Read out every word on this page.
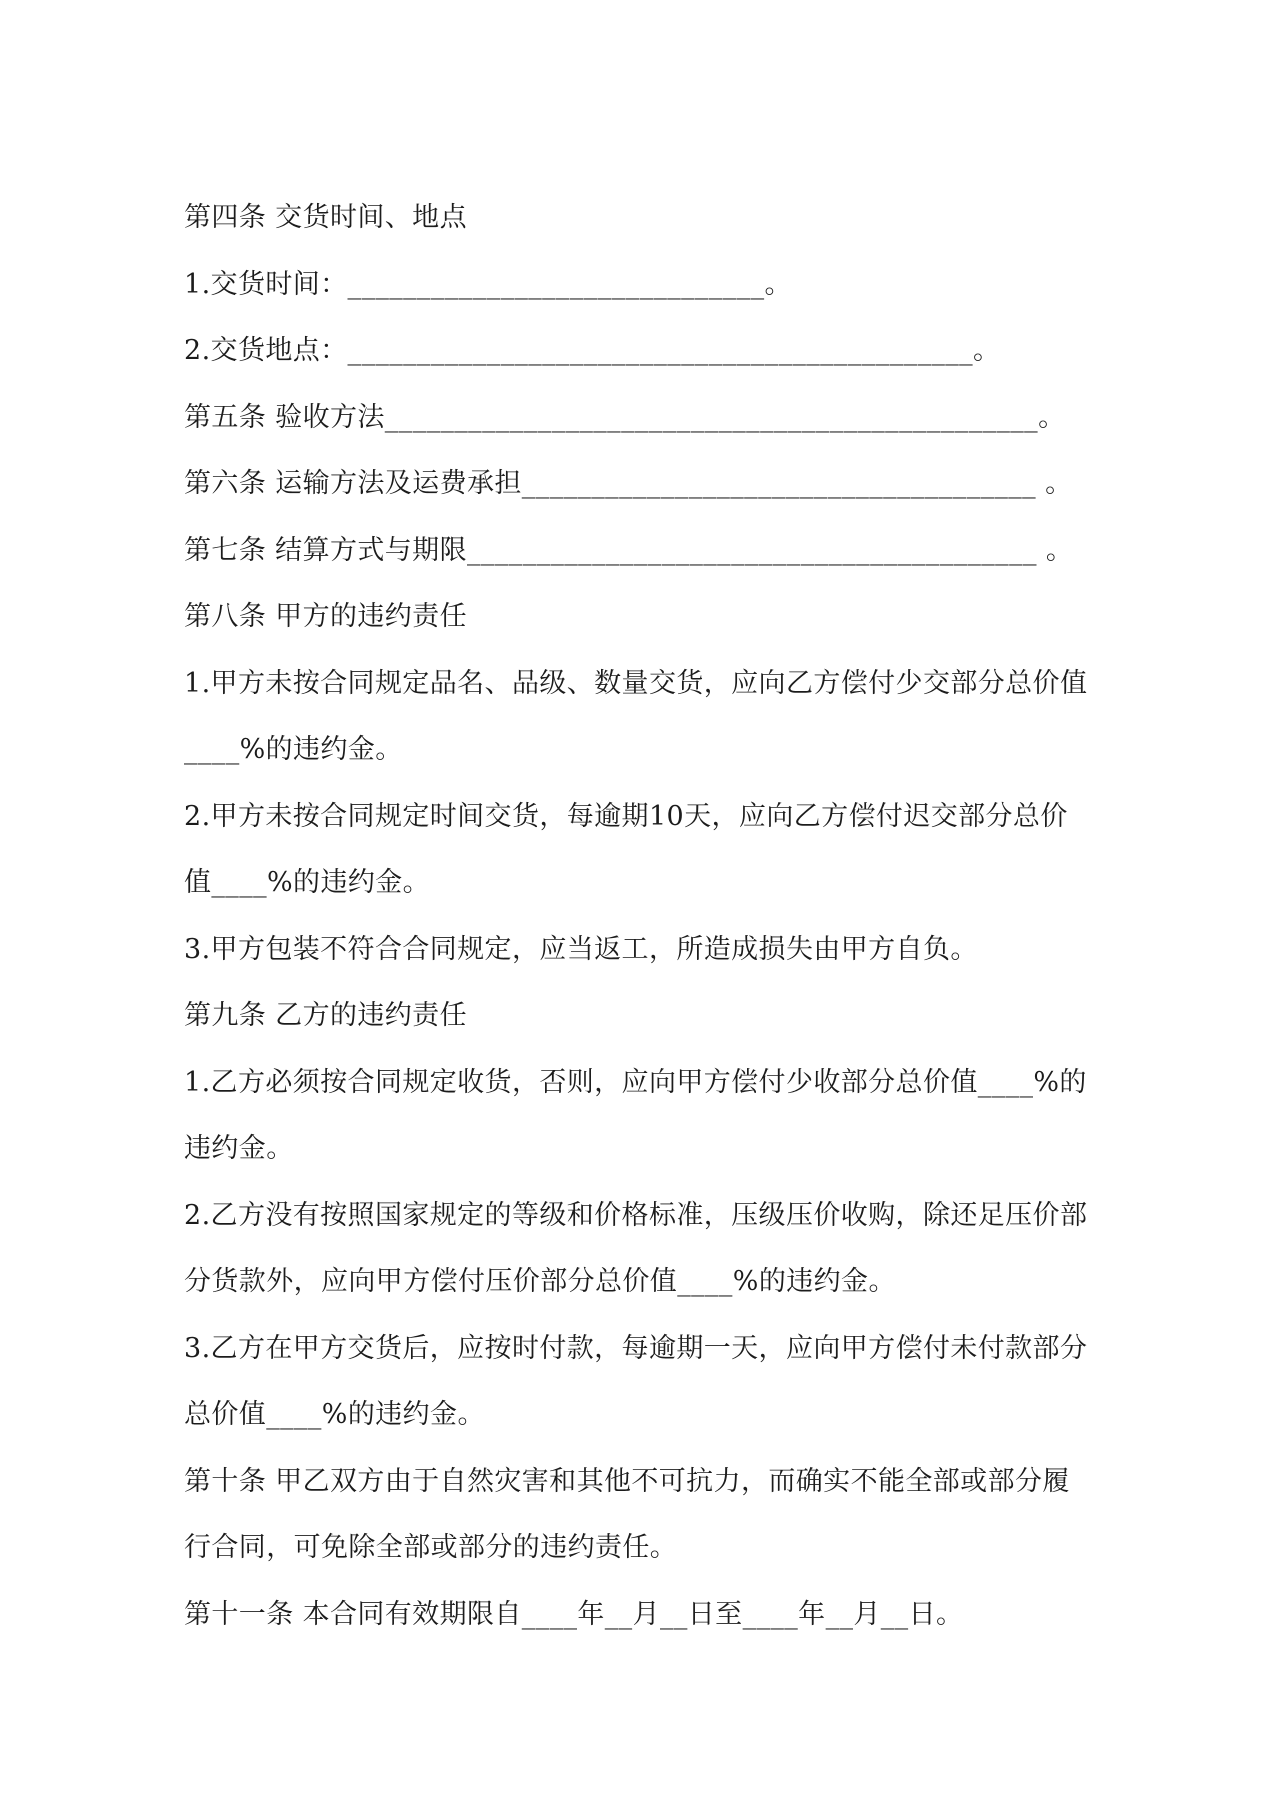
第四条 交货时间、地点
1.交货时间：______________________________。
2.交货地点：_____________________________________________。
第五条 验收方法_______________________________________________。
第六条 运输方法及运费承担_____________________________________ 。
第七条 结算方式与期限_________________________________________ 。
第八条 甲方的违约责任
1.甲方未按合同规定品名、品级、数量交货，应向乙方偿付少交部分总价值
____%的违约金。
2.甲方未按合同规定时间交货，每逾期10天，应向乙方偿付迟交部分总价
值____%的违约金。
3.甲方包装不符合合同规定，应当返工，所造成损失由甲方自负。
第九条 乙方的违约责任
1.乙方必须按合同规定收货，否则，应向甲方偿付少收部分总价值____%的
违约金。
2.乙方没有按照国家规定的等级和价格标准，压级压价收购，除还足压价部
分货款外，应向甲方偿付压价部分总价值____%的违约金。
3.乙方在甲方交货后，应按时付款，每逾期一天，应向甲方偿付未付款部分
总价值____%的违约金。
第十条 甲乙双方由于自然灾害和其他不可抗力，而确实不能全部或部分履
行合同，可免除全部或部分的违约责任。
第十一条 本合同有效期限自____年__月__日至____年__月__日。
